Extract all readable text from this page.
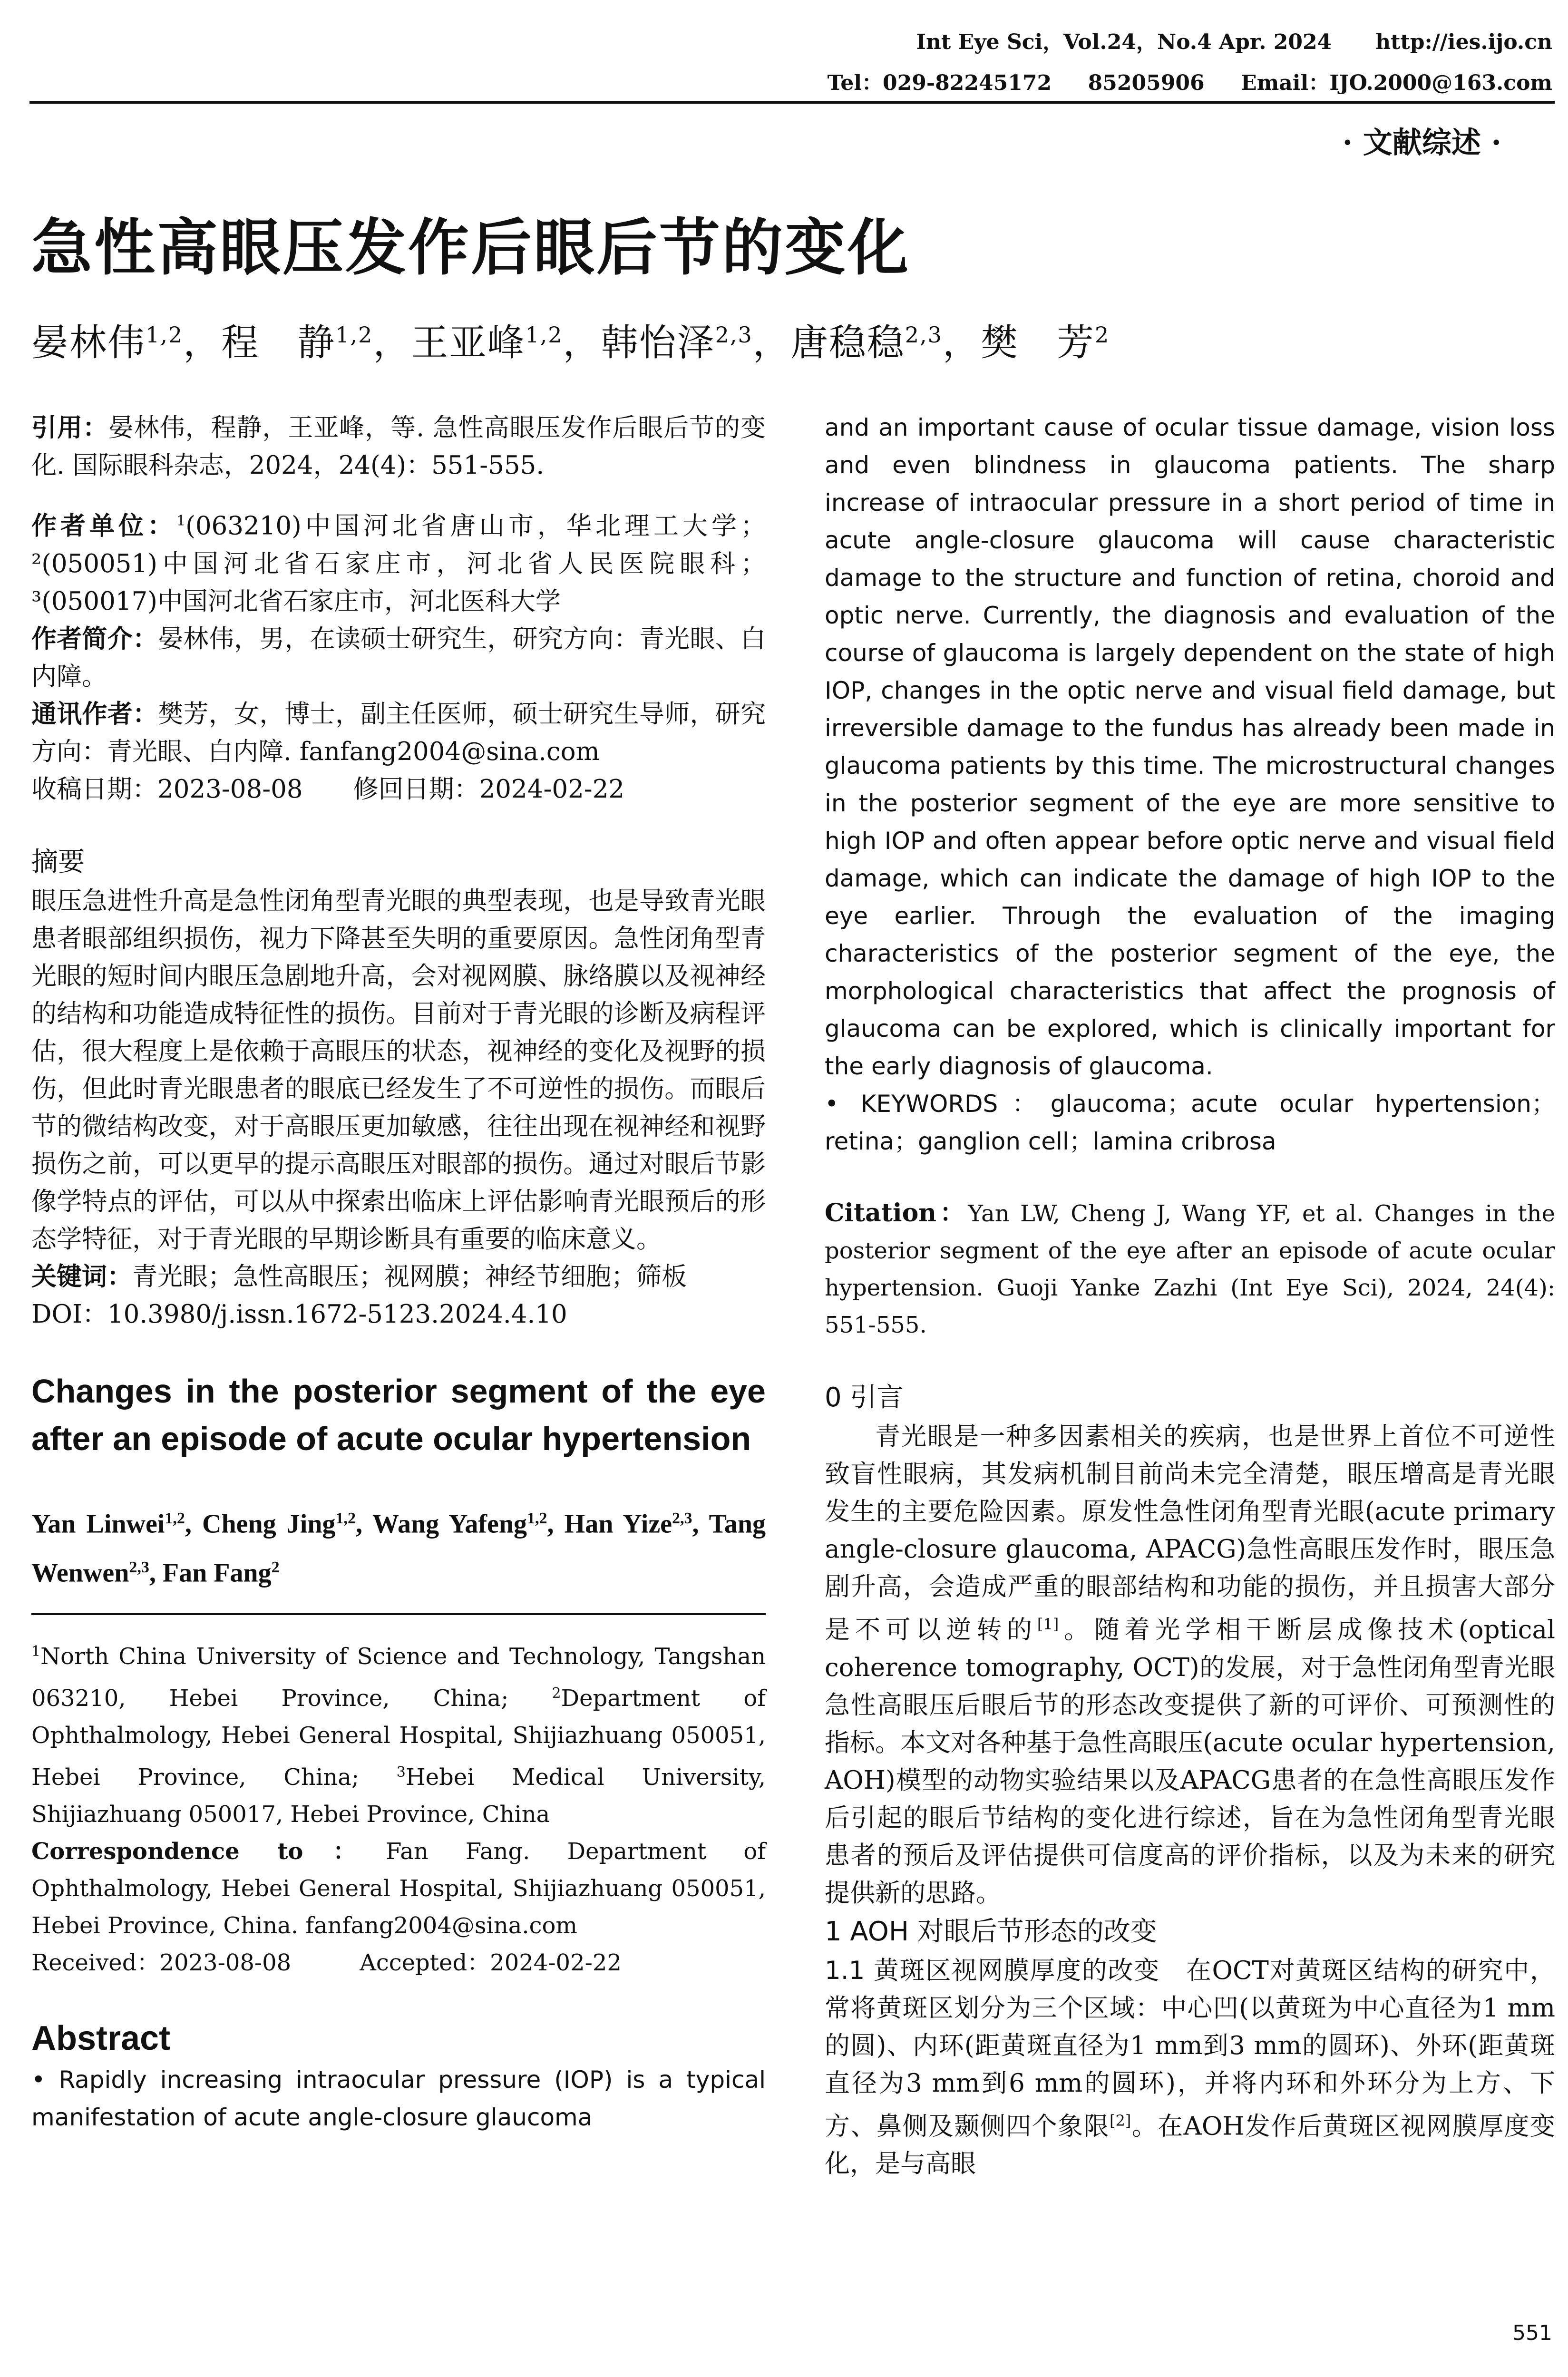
Int Eye Sci，Vol.24，No.4 Apr. 2024 http://ies.ijo.cn
Tel：029-82245172 85205906 Email：IJO.2000@163.com
· 文献综述 ·
急性高眼压发作后眼后节的变化
晏林伟$^{1,2}$，程　静$^{1,2}$，王亚峰$^{1,2}$，韩怡泽$^{2,3}$，唐稳稳$^{2,3}$，樊　芳$^2$

引用：晏林伟，程静，王亚峰，等. 急性高眼压发作后眼后节的变化. 国际眼科杂志，2024，24(4)：551-555.

作者单位：$^1$(063210)中国河北省唐山市，华北理工大学；²(050051)中国河北省石家庄市，河北省人民医院眼科；³(050017)中国河北省石家庄市，河北医科大学

作者简介：晏林伟，男，在读硕士研究生，研究方向：青光眼、白内障。

通讯作者：樊芳，女，博士，副主任医师，硕士研究生导师，研究方向：青光眼、白内障. fanfang2004@sina.com

收稿日期：2023-08-08　　修回日期：2024-02-22

摘要

眼压急进性升高是急性闭角型青光眼的典型表现，也是导致青光眼患者眼部组织损伤，视力下降甚至失明的重要原因。急性闭角型青光眼的短时间内眼压急剧地升高，会对视网膜、脉络膜以及视神经的结构和功能造成特征性的损伤。目前对于青光眼的诊断及病程评估，很大程度上是依赖于高眼压的状态，视神经的变化及视野的损伤，但此时青光眼患者的眼底已经发生了不可逆性的损伤。而眼后节的微结构改变，对于高眼压更加敏感，往往出现在视神经和视野损伤之前，可以更早的提示高眼压对眼部的损伤。通过对眼后节影像学特点的评估，可以从中探索出临床上评估影响青光眼预后的形态学特征，对于青光眼的早期诊断具有重要的临床意义。

关键词：青光眼；急性高眼压；视网膜；神经节细胞；筛板

DOI：10.3980/j.issn.1672-5123.2024.4.10

Changes in the posterior segment of the eye after an episode of acute ocular hypertension

Yan Linwei$^{1,2}$, Cheng Jing$^{1,2}$, Wang Yafeng$^{1,2}$, Han Yize$^{2,3}$, Tang Wenwen$^{2,3}$, Fan Fang$^2$

$^1$North China University of Science and Technology, Tangshan 063210, Hebei Province, China;	$^2$Department of Ophthalmology, Hebei General Hospital, Shijiazhuang 050051, Hebei Province, China;	$^3$Hebei Medical University, Shijiazhuang 050017, Hebei Province, China

Correspondence to：Fan Fang. Department of Ophthalmology, Hebei General Hospital, Shijiazhuang 050051, Hebei Province, China. fanfang2004@sina.com

Received：2023-08-08　　　Accepted：2024-02-22

Abstract

• Rapidly increasing intraocular pressure (IOP) is a typical manifestation of acute angle-closure glaucoma

and an important cause of ocular tissue damage, vision loss and even blindness in glaucoma patients. The sharp increase of intraocular pressure in a short period of time in acute angle-closure glaucoma will cause characteristic damage to the structure and function of retina, choroid and optic nerve. Currently, the diagnosis and evaluation of the course of glaucoma is largely dependent on the state of high IOP, changes in the optic nerve and visual field damage, but irreversible damage to the fundus has already been made in glaucoma patients by this time. The microstructural changes in the posterior segment of the eye are more sensitive to high IOP and often appear before optic nerve and visual field damage, which can indicate the damage of high IOP to the eye earlier. Through the evaluation of the imaging characteristics of the posterior segment of the eye, the morphological characteristics that affect the prognosis of glaucoma can be explored, which is clinically important for the early diagnosis of glaucoma.

• KEYWORDS：glaucoma；acute ocular hypertension；retina；ganglion cell；lamina cribrosa

Citation：Yan LW, Cheng J, Wang YF, et al. Changes in the posterior segment of the eye after an episode of acute ocular hypertension. Guoji Yanke Zazhi (Int Eye Sci), 2024, 24(4): 551-555.

0 引言

青光眼是一种多因素相关的疾病，也是世界上首位不可逆性致盲性眼病，其发病机制目前尚未完全清楚，眼压增高是青光眼发生的主要危险因素。原发性急性闭角型青光眼(acute primary angle-closure glaucoma, APACG)急性高眼压发作时，眼压急剧升高，会造成严重的眼部结构和功能的损伤，并且损害大部分是不可以逆转的[1]。随着光学相干断层成像技术(optical coherence tomography, OCT)的发展，对于急性闭角型青光眼急性高眼压后眼后节的形态改变提供了新的可评价、可预测性的指标。本文对各种基于急性高眼压(acute ocular hypertension, AOH)模型的动物实验结果以及APACG患者的在急性高眼压发作后引起的眼后节结构的变化进行综述，旨在为急性闭角型青光眼患者的预后及评估提供可信度高的评价指标，以及为未来的研究提供新的思路。

1 AOH 对眼后节形态的改变

1.1 黄斑区视网膜厚度的改变　在OCT对黄斑区结构的研究中，常将黄斑区划分为三个区域：中心凹(以黄斑为中心直径为1 mm的圆)、内环(距黄斑直径为1 mm到3 mm的圆环)、外环(距黄斑直径为3 mm到6 mm的圆环)，并将内环和外环分为上方、下方、鼻侧及颞侧四个象限[2]。在AOH发作后黄斑区视网膜厚度变化，是与高眼

551
